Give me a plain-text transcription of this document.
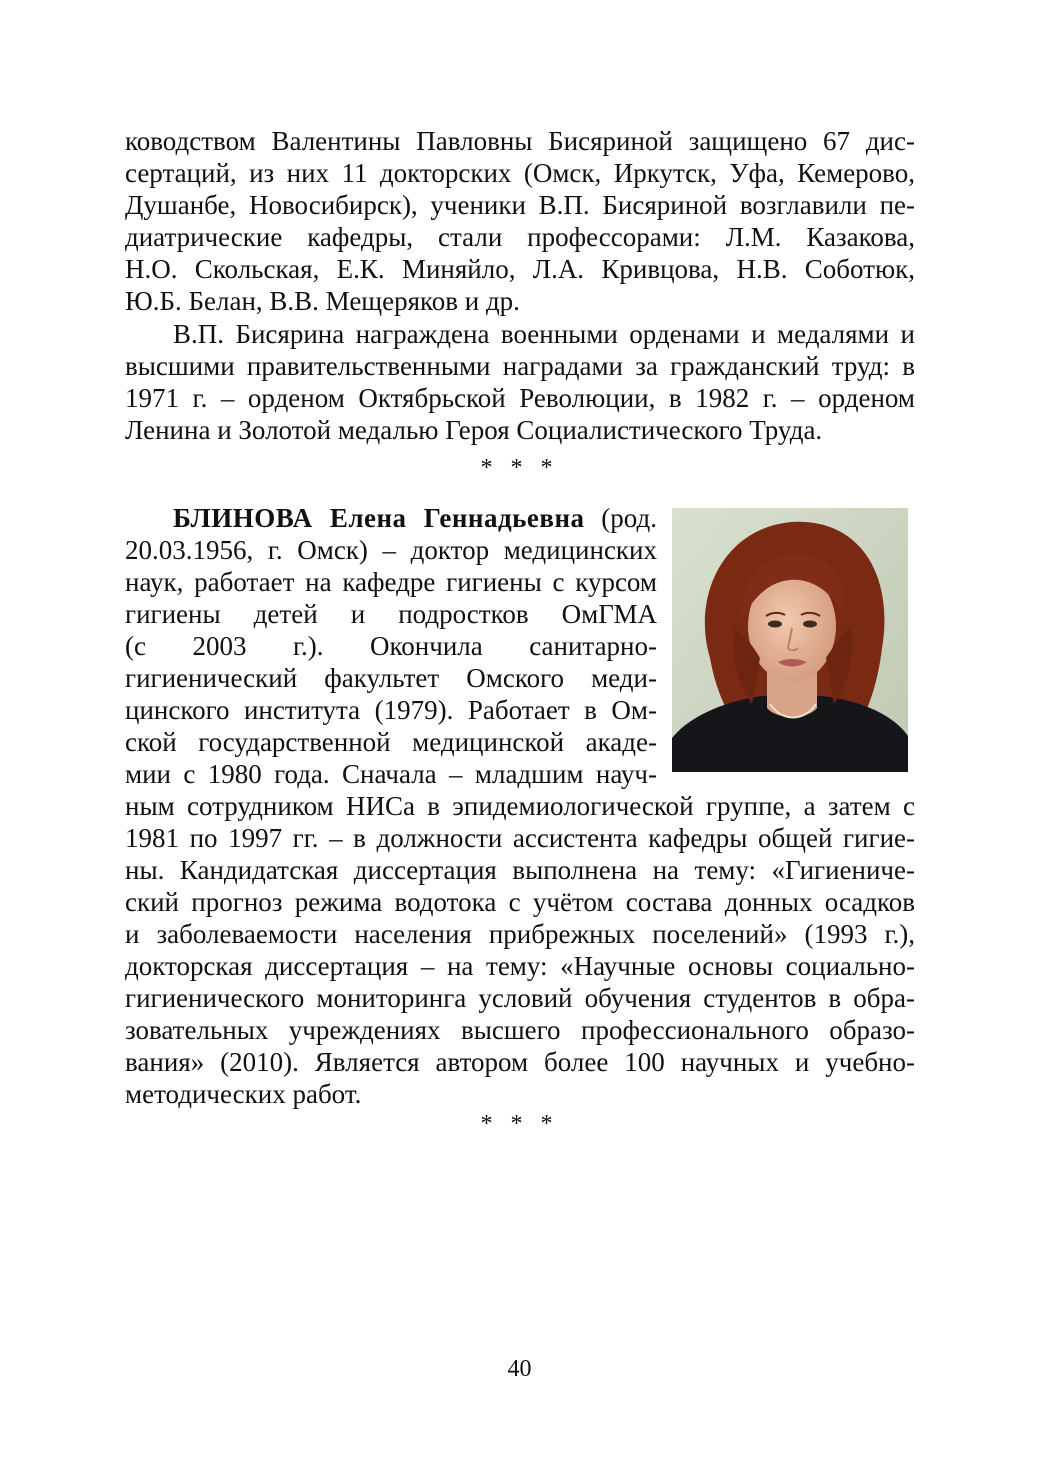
ководством Валентины Павловны Бисяриной защищено 67 дис-
сертаций, из них 11 докторских (Омск, Иркутск, Уфа, Кемерово,
Душанбе, Новосибирск), ученики В.П. Бисяриной возглавили пе-
диатрические кафедры, стали профессорами: Л.М. Казакова,
Н.О. Скольская, Е.К. Миняйло, Л.А. Кривцова, Н.В. Соботюк,
Ю.Б. Белан, В.В. Мещеряков и др.
В.П. Бисярина награждена военными орденами и медалями и
высшими правительственными наградами за гражданский труд: в
1971 г. – орденом Октябрьской Революции, в 1982 г. – орденом
Ленина и Золотой медалью Героя Социалистического Труда.
* * *
БЛИНОВА Елена Геннадьевна (род.
20.03.1956, г. Омск) – доктор медицинских
наук, работает на кафедре гигиены с курсом
гигиены детей и подростков ОмГМА
(с 2003 г.). Окончила санитарно-
гигиенический факультет Омского меди-
цинского института (1979). Работает в Ом-
ской государственной медицинской акаде-
мии с 1980 года. Сначала – младшим науч-
ным сотрудником НИСа в эпидемиологической группе, а затем с
1981 по 1997 гг. – в должности ассистента кафедры общей гигие-
ны. Кандидатская диссертация выполнена на тему: «Гигиениче-
ский прогноз режима водотока с учётом состава донных осадков
и заболеваемости населения прибрежных поселений» (1993 г.),
докторская диссертация – на тему: «Научные основы социально-
гигиенического мониторинга условий обучения студентов в обра-
зовательных учреждениях высшего профессионального образо-
вания» (2010). Является автором более 100 научных и учебно-
методических работ.
* * *
40
